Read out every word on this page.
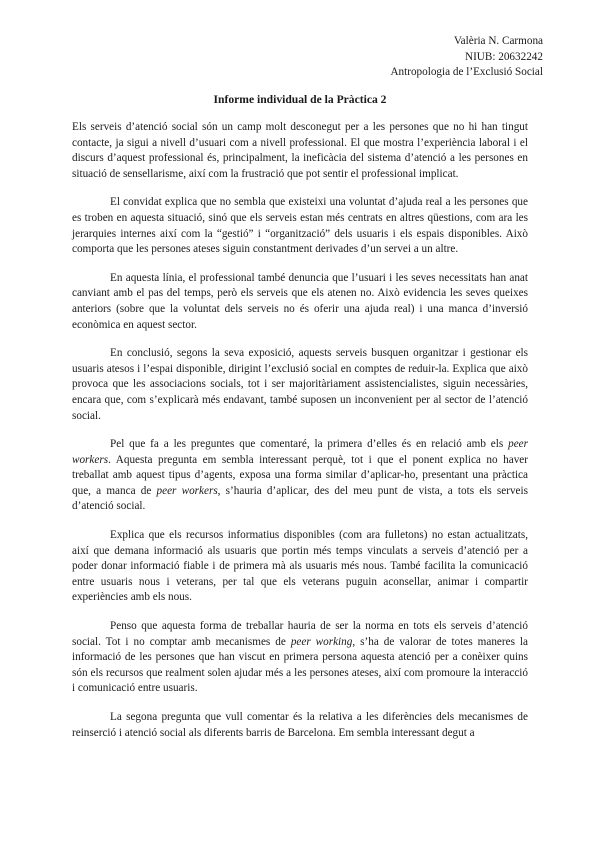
Valèria N. Carmona
NIUB: 20632242
Antropologia de l’Exclusió Social
Informe individual de la Pràctica 2

Els serveis d’atenció social són un camp molt desconegut per a les persones que no hi han tingut contacte, ja sigui a nivell d’usuari com a nivell professional. El que mostra l’experiència laboral i el discurs d’aquest professional és, principalment, la ineficàcia del sistema d’atenció a les persones en situació de sensellarisme, així com la frustració que pot sentir el professional implicat.

El convidat explica que no sembla que existeixi una voluntat d’ajuda real a les persones que es troben en aquesta situació, sinó que els serveis estan més centrats en altres qüestions, com ara les jerarquies internes així com la “gestió” i “organització” dels usuaris i els espais disponibles. Això comporta que les persones ateses siguin constantment derivades d’un servei a un altre.

En aquesta línia, el professional també denuncia que l’usuari i les seves necessitats han anat canviant amb el pas del temps, però els serveis que els atenen no. Això evidencia les seves queixes anteriors (sobre que la voluntat dels serveis no és oferir una ajuda real) i una manca d’inversió econòmica en aquest sector.

En conclusió, segons la seva exposició, aquests serveis busquen organitzar i gestionar els usuaris atesos i l’espai disponible, dirigint l’exclusió social en comptes de reduir-la. Explica que això provoca que les associacions socials, tot i ser majoritàriament assistencialistes, siguin necessàries, encara que, com s’explicarà més endavant, també suposen un inconvenient per al sector de l’atenció social.

Pel que fa a les preguntes que comentaré, la primera d’elles és en relació amb els peer workers. Aquesta pregunta em sembla interessant perquè, tot i que el ponent explica no haver treballat amb aquest tipus d’agents, exposa una forma similar d’aplicar-ho, presentant una pràctica que, a manca de peer workers, s’hauria d’aplicar, des del meu punt de vista, a tots els serveis d’atenció social.

Explica que els recursos informatius disponibles (com ara fulletons) no estan actualitzats, així que demana informació als usuaris que portin més temps vinculats a serveis d’atenció per a poder donar informació fiable i de primera mà als usuaris més nous. També facilita la comunicació entre usuaris nous i veterans, per tal que els veterans puguin aconsellar, animar i compartir experiències amb els nous.

Penso que aquesta forma de treballar hauria de ser la norma en tots els serveis d’atenció social. Tot i no comptar amb mecanismes de peer working, s’ha de valorar de totes maneres la informació de les persones que han viscut en primera persona aquesta atenció per a conèixer quins són els recursos que realment solen ajudar més a les persones ateses, així com promoure la interacció i comunicació entre usuaris.

La segona pregunta que vull comentar és la relativa a les diferències dels mecanismes de reinserció i atenció social als diferents barris de Barcelona. Em sembla interessant degut a
